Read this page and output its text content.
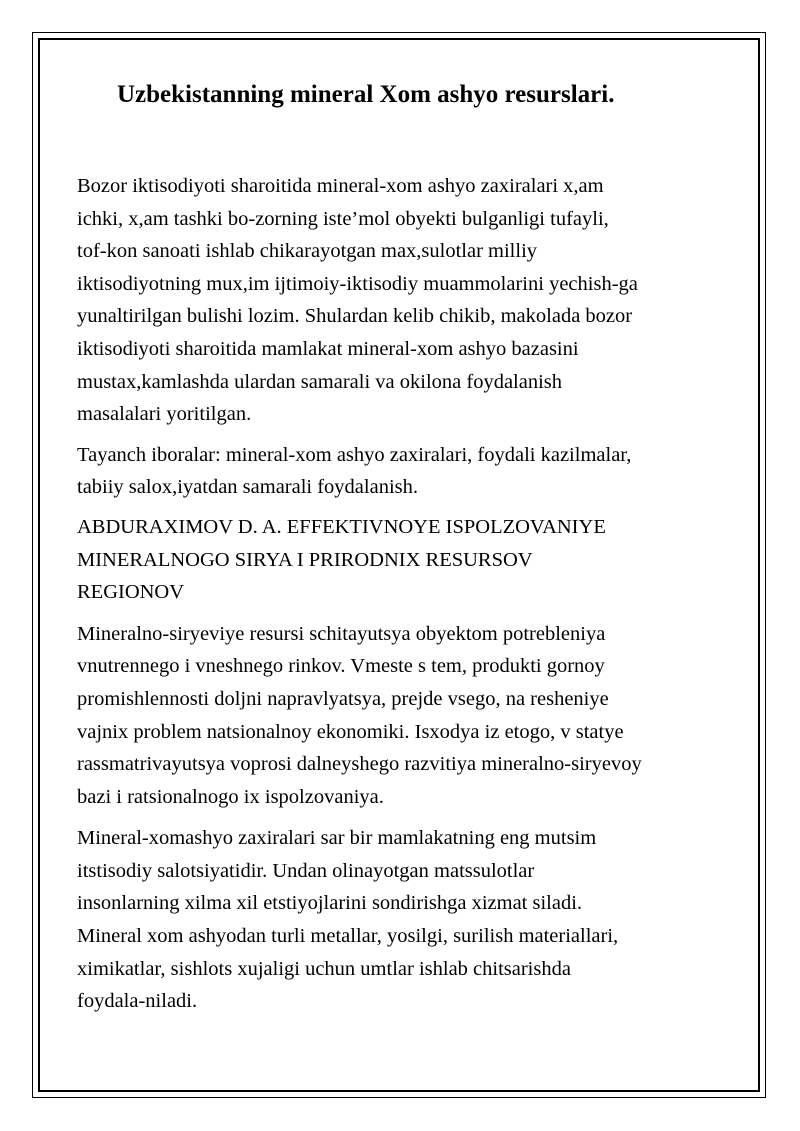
Uzbekistanning mineral Xom ashyo resurslari.

Bozor iktisodiyoti sharoitida mineral-xom ashyo zaxiralari x,am
ichki, x,am tashki bo-zorning iste’mol obyekti bulganligi tufayli,
tof-kon sanoati ishlab chikarayotgan max,sulotlar milliy
iktisodiyotning mux,im ijtimoiy-iktisodiy muammolarini yechish-ga
yunaltirilgan bulishi lozim. Shulardan kelib chikib, makolada bozor
iktisodiyoti sharoitida mamlakat mineral-xom ashyo bazasini
mustax,kamlashda ulardan samarali va okilona foydalanish
masalalari yoritilgan.

Tayanch iboralar: mineral-xom ashyo zaxiralari, foydali kazilmalar,
tabiiy salox,iyatdan samarali foydalanish.

ABDURAXIMOV D. A. EFFEKTIVNOYE ISPOLZOVANIYE
MINERALNOGO SIRYA I PRIRODNIX RESURSOV
REGIONOV

Mineralno-siryeviye resursi schitayutsya obyektom potrebleniya
vnutrennego i vneshnego rinkov. Vmeste s tem, produkti gornoy
promishlennosti doljni napravlyatsya, prejde vsego, na resheniye
vajnix problem natsionalnoy ekonomiki. Isxodya iz etogo, v statye
rassmatrivayutsya voprosi dalneyshego razvitiya mineralno-siryevoy
bazi i ratsionalnogo ix ispolzovaniya.

Mineral-xomashyo zaxiralari sar bir mamlakatning eng mutsim
itstisodiy salotsiyatidir. Undan olinayotgan matssulotlar
insonlarning xilma xil etstiyojlarini sondirishga xizmat siladi.
Mineral xom ashyodan turli metallar, yosilgi, surilish materiallari,
ximikatlar, sishlots xujaligi uchun umtlar ishlab chitsarishda
foydala-niladi.
